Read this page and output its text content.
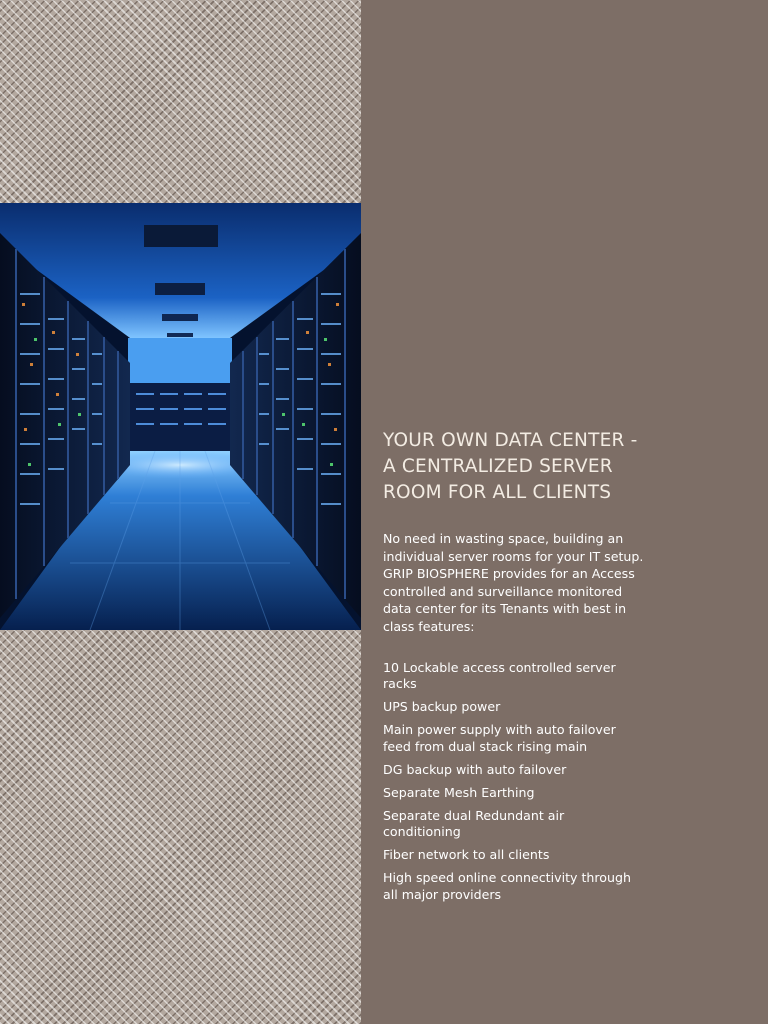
YOUR OWN DATA CENTER -
A CENTRALIZED SERVER
ROOM FOR ALL CLIENTS

No need in wasting space, building an individual server rooms for your IT setup. GRIP BIOSPHERE provides for an Access controlled and surveillance monitored data center for its Tenants with best in class features:

10 Lockable access controlled server racks
UPS backup power
Main power supply with auto failover feed from dual stack rising main
DG backup with auto failover
Separate Mesh Earthing
Separate dual Redundant air conditioning
Fiber network to all clients
High speed online connectivity through all major providers
